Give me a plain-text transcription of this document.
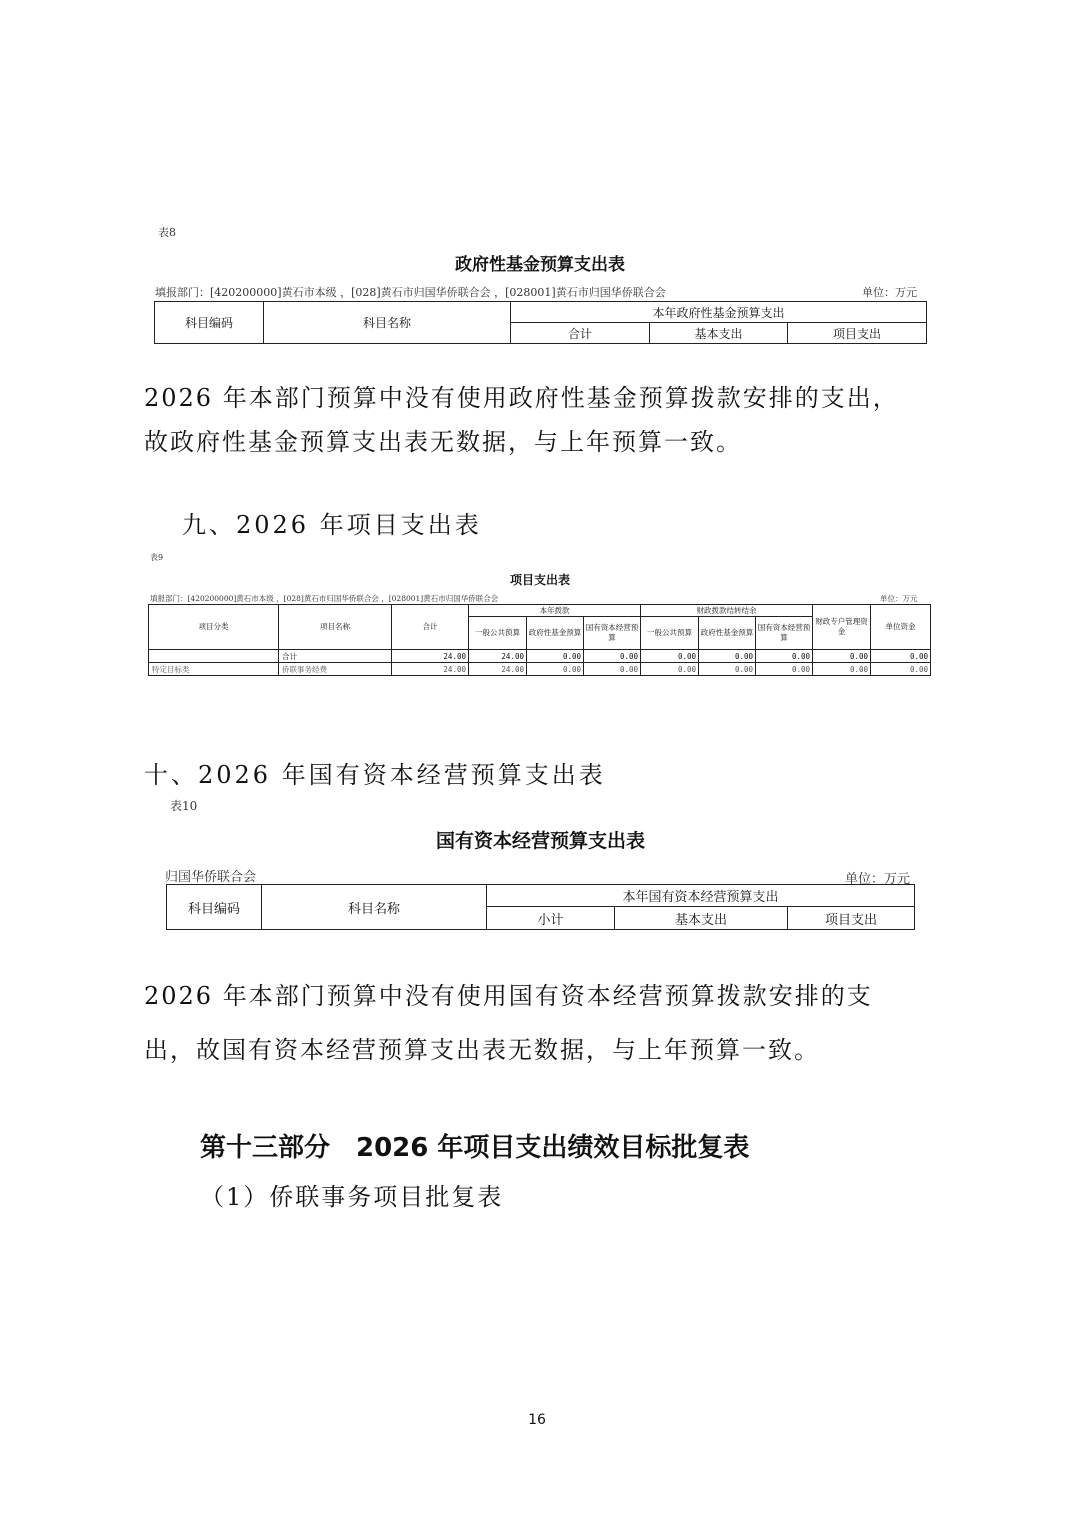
表8
政府性基金预算支出表
填报部门：[420200000]黄石市本级 ，[028]黄石市归国华侨联合会 ，[028001]黄石市归国华侨联合会	单位：万元
科目编码	科目名称	本年政府性基金预算支出		
		合计	基本支出	项目支出
2026 年本部门预算中没有使用政府性基金预算拨款安排的支出，
故政府性基金预算支出表无数据，与上年预算一致。
九、2026 年项目支出表
表9
项目支出表
填报部门：[420200000]黄石市本级 ，[028]黄石市归国华侨联合会 ，[028001]黄石市归国华侨联合会	单位：万元
项目分类	项目名称	合计	本年拨款			财政拨款结转结余			财政专户管理资金	单位资金
			一般公共预算	政府性基金预算	国有资本经营预算	一般公共预算	政府性基金预算	国有资本经营预算		
	合计	24.00	24.00	0.00	0.00	0.00	0.00	0.00	0.00	0.00
特定目标类	侨联事务经费	24.00	24.00	0.00	0.00	0.00	0.00	0.00	0.00	0.00
十、2026 年国有资本经营预算支出表
表10
国有资本经营预算支出表
归国华侨联合会	单位：万元
科目编码	科目名称	本年国有资本经营预算支出		
		小计	基本支出	项目支出
2026 年本部门预算中没有使用国有资本经营预算拨款安排的支
出，故国有资本经营预算支出表无数据，与上年预算一致。
第十三部分　2026 年项目支出绩效目标批复表
（1）侨联事务项目批复表
16
